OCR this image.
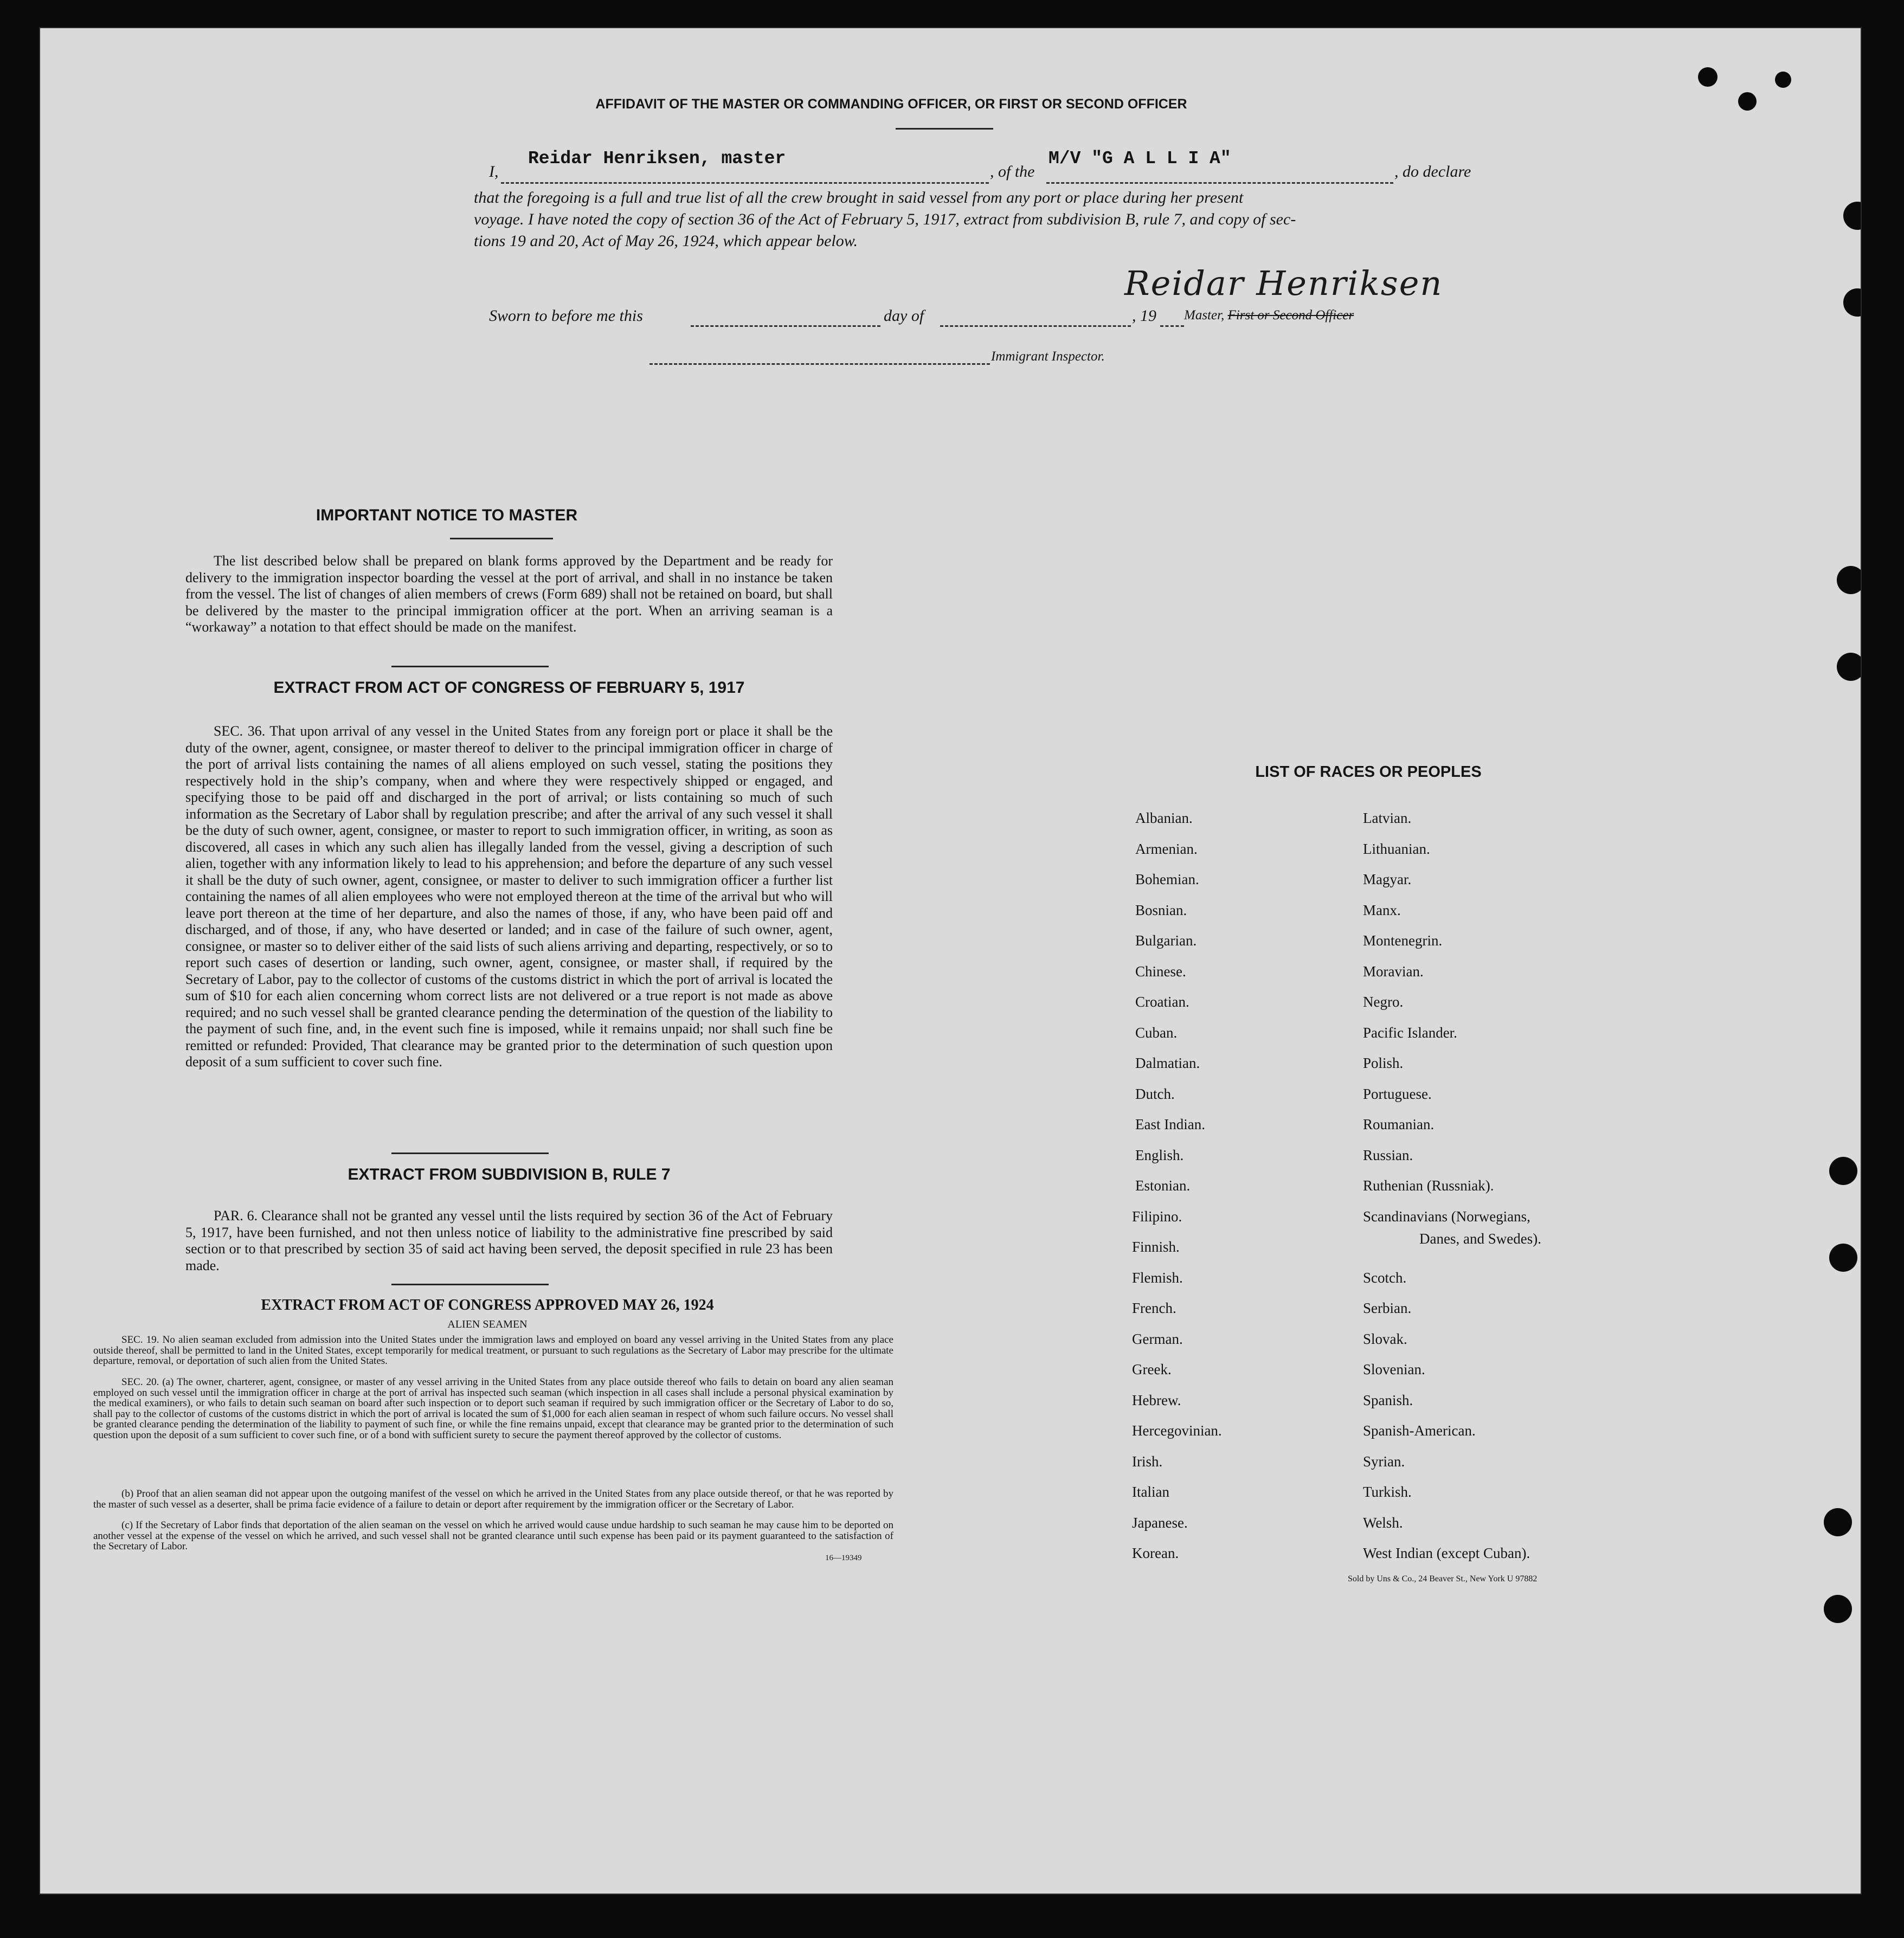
AFFIDAVIT OF THE MASTER OR COMMANDING OFFICER, OR FIRST OR SECOND OFFICER
I,
Reidar Henriksen, master
, of the
M/V "G A L L I A"
, do declare
that the foregoing is a full and true list of all the crew brought in said vessel from any port or place during her present
voyage. I have noted the copy of section 36 of the Act of February 5, 1917, extract from subdivision B, rule 7, and copy of sec-
tions 19 and 20, Act of May 26, 1924, which appear below.
Reidar Henriksen
Master, First or Second Officer
Sworn to before me this	day of	, 19
Immigrant Inspector.
IMPORTANT NOTICE TO MASTER
The list described below shall be prepared on blank forms approved by the Department and be ready for delivery to the immigration inspector boarding the vessel at the port of arrival, and shall in no instance be taken from the vessel. The list of changes of alien members of crews (Form 689) shall not be retained on board, but shall be delivered by the master to the principal immigration officer at the port. When an arriving seaman is a “workaway” a notation to that effect should be made on the manifest.
EXTRACT FROM ACT OF CONGRESS OF FEBRUARY 5, 1917
SEC. 36. That upon arrival of any vessel in the United States from any foreign port or place it shall be the duty of the owner, agent, consignee, or master thereof to deliver to the principal immigration officer in charge of the port of arrival lists containing the names of all aliens employed on such vessel, stating the positions they respectively hold in the ship’s company, when and where they were respectively shipped or engaged, and specifying those to be paid off and discharged in the port of arrival; or lists containing so much of such information as the Secretary of Labor shall by regulation prescribe; and after the arrival of any such vessel it shall be the duty of such owner, agent, consignee, or master to report to such immigration officer, in writing, as soon as discovered, all cases in which any such alien has illegally landed from the vessel, giving a description of such alien, together with any information likely to lead to his apprehension; and before the departure of any such vessel it shall be the duty of such owner, agent, consignee, or master to deliver to such immigration officer a further list containing the names of all alien employees who were not employed thereon at the time of the arrival but who will leave port thereon at the time of her departure, and also the names of those, if any, who have been paid off and discharged, and of those, if any, who have deserted or landed; and in case of the failure of such owner, agent, consignee, or master so to deliver either of the said lists of such aliens arriving and departing, respectively, or so to report such cases of desertion or landing, such owner, agent, consignee, or master shall, if required by the Secretary of Labor, pay to the collector of customs of the customs district in which the port of arrival is located the sum of $10 for each alien concerning whom correct lists are not delivered or a true report is not made as above required; and no such vessel shall be granted clearance pending the determination of the question of the liability to the payment of such fine, and, in the event such fine is imposed, while it remains unpaid; nor shall such fine be remitted or refunded: Provided, That clearance may be granted prior to the determination of such question upon deposit of a sum sufficient to cover such fine.
EXTRACT FROM SUBDIVISION B, RULE 7
PAR. 6. Clearance shall not be granted any vessel until the lists required by section 36 of the Act of February 5, 1917, have been furnished, and not then unless notice of liability to the administrative fine prescribed by said section or to that prescribed by section 35 of said act having been served, the deposit specified in rule 23 has been made.
EXTRACT FROM ACT OF CONGRESS APPROVED MAY 26, 1924
ALIEN SEAMEN
SEC. 19. No alien seaman excluded from admission into the United States under the immigration laws and employed on board any vessel arriving in the United States from any place outside thereof, shall be permitted to land in the United States, except temporarily for medical treatment, or pursuant to such regulations as the Secretary of Labor may prescribe for the ultimate departure, removal, or deportation of such alien from the United States.
SEC. 20. (a) The owner, charterer, agent, consignee, or master of any vessel arriving in the United States from any place outside thereof who fails to detain on board any alien seaman employed on such vessel until the immigration officer in charge at the port of arrival has inspected such seaman (which inspection in all cases shall include a personal physical examination by the medical examiners), or who fails to detain such seaman on board after such inspection or to deport such seaman if required by such immigration officer or the Secretary of Labor to do so, shall pay to the collector of customs of the customs district in which the port of arrival is located the sum of $1,000 for each alien seaman in respect of whom such failure occurs. No vessel shall be granted clearance pending the determination of the liability to payment of such fine, or while the fine remains unpaid, except that clearance may be granted prior to the determination of such question upon the deposit of a sum sufficient to cover such fine, or of a bond with sufficient surety to secure the payment thereof approved by the collector of customs.
(b) Proof that an alien seaman did not appear upon the outgoing manifest of the vessel on which he arrived in the United States from any place outside thereof, or that he was reported by the master of such vessel as a deserter, shall be prima facie evidence of a failure to detain or deport after requirement by the immigration officer or the Secretary of Labor.
(c) If the Secretary of Labor finds that deportation of the alien seaman on the vessel on which he arrived would cause undue hardship to such seaman he may cause him to be deported on another vessel at the expense of the vessel on which he arrived, and such vessel shall not be granted clearance until such expense has been paid or its payment guaranteed to the satisfaction of the Secretary of Labor.
16—19349
LIST OF RACES OR PEOPLES
Danes, and Swedes).
Sold by Uns & Co., 24 Beaver St., New York U 97882
Albanian.
Armenian.
Bohemian.
Bosnian.
Bulgarian.
Chinese.
Croatian.
Cuban.
Dalmatian.
Dutch.
East Indian.
English.
Estonian.
Filipino.
Finnish.
Flemish.
French.
German.
Greek.
Hebrew.
Hercegovinian.
Irish.
Italian
Japanese.
Korean.
Latvian.
Lithuanian.
Magyar.
Manx.
Montenegrin.
Moravian.
Negro.
Pacific Islander.
Polish.
Portuguese.
Roumanian.
Russian.
Ruthenian (Russniak).
Scandinavians (Norwegians,
Scotch.
Serbian.
Slovak.
Slovenian.
Spanish.
Spanish-American.
Syrian.
Turkish.
Welsh.
West Indian (except Cuban).
